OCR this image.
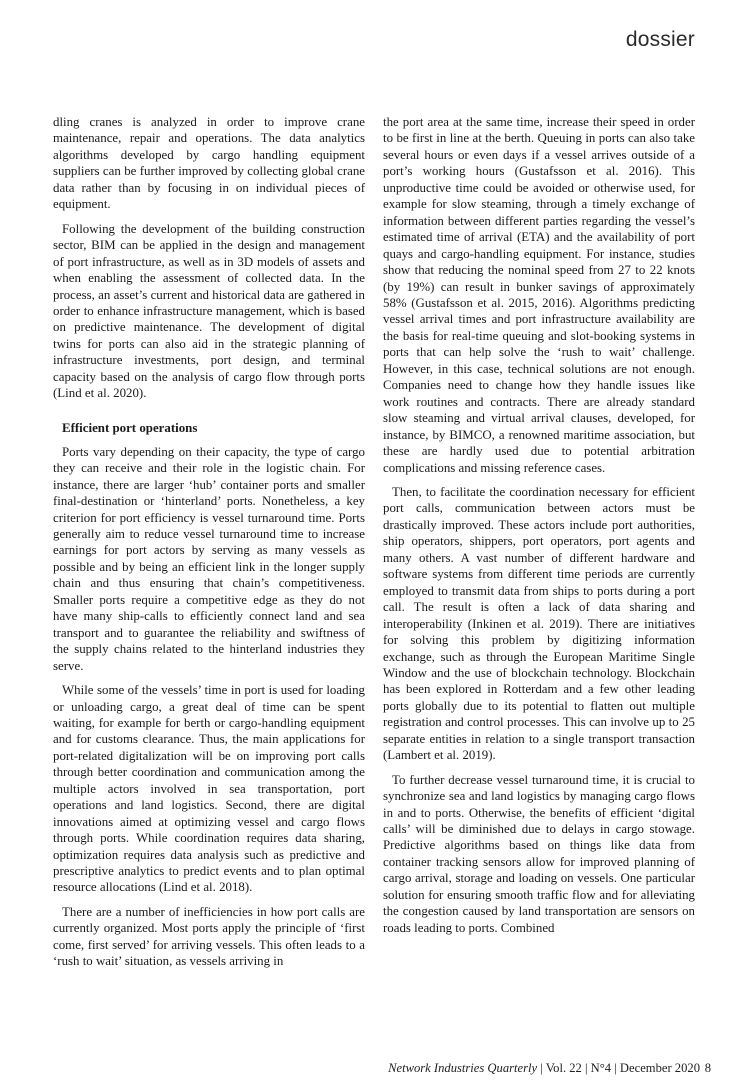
dossier

dling cranes is analyzed in order to improve crane maintenance, repair and operations. The data analytics algorithms developed by cargo handling equipment suppliers can be further improved by collecting global crane data rather than by focusing in on individual pieces of equipment.

Following the development of the building construction sector, BIM can be applied in the design and management of port infrastructure, as well as in 3D models of assets and when enabling the assessment of collected data. In the process, an asset’s current and historical data are gathered in order to enhance infrastructure management, which is based on predictive maintenance. The development of digital twins for ports can also aid in the strategic planning of infrastructure investments, port design, and terminal capacity based on the analysis of cargo flow through ports (Lind et al. 2020).

Efficient port operations

Ports vary depending on their capacity, the type of cargo they can receive and their role in the logistic chain. For instance, there are larger ‘hub’ container ports and smaller final-destination or ‘hinterland’ ports. Nonetheless, a key criterion for port efficiency is vessel turnaround time. Ports generally aim to reduce vessel turnaround time to increase earnings for port actors by serving as many vessels as possible and by being an efficient link in the longer supply chain and thus ensuring that chain’s competitiveness. Smaller ports require a competitive edge as they do not have many ship-calls to efficiently connect land and sea transport and to guarantee the reliability and swiftness of the supply chains related to the hinterland industries they serve.

While some of the vessels’ time in port is used for loading or unloading cargo, a great deal of time can be spent waiting, for example for berth or cargo-handling equipment and for customs clearance. Thus, the main applications for port-related digitalization will be on improving port calls through better coordination and communication among the multiple actors involved in sea transportation, port operations and land logistics. Second, there are digital innovations aimed at optimizing vessel and cargo flows through ports. While coordination requires data sharing, optimization requires data analysis such as predictive and prescriptive analytics to predict events and to plan optimal resource allocations (Lind et al. 2018).

There are a number of inefficiencies in how port calls are currently organized. Most ports apply the principle of ‘first come, first served’ for arriving vessels. This often leads to a ‘rush to wait’ situation, as vessels arriving in

the port area at the same time, increase their speed in order to be first in line at the berth. Queuing in ports can also take several hours or even days if a vessel arrives outside of a port’s working hours (Gustafsson et al. 2016). This unproductive time could be avoided or otherwise used, for example for slow steaming, through a timely exchange of information between different parties regarding the vessel’s estimated time of arrival (ETA) and the availability of port quays and cargo-handling equipment. For instance, studies show that reducing the nominal speed from 27 to 22 knots (by 19%) can result in bunker savings of approximately 58% (Gustafsson et al. 2015, 2016). Algorithms predicting vessel arrival times and port infrastructure availability are the basis for real-time queuing and slot-booking systems in ports that can help solve the ‘rush to wait’ challenge. However, in this case, technical solutions are not enough. Companies need to change how they handle issues like work routines and contracts. There are already standard slow steaming and virtual arrival clauses, developed, for instance, by BIMCO, a renowned maritime association, but these are hardly used due to potential arbitration complications and missing reference cases.

Then, to facilitate the coordination necessary for efficient port calls, communication between actors must be drastically improved. These actors include port authorities, ship operators, shippers, port operators, port agents and many others. A vast number of different hardware and software systems from different time periods are currently employed to transmit data from ships to ports during a port call. The result is often a lack of data sharing and interoperability (Inkinen et al. 2019). There are initiatives for solving this problem by digitizing information exchange, such as through the European Maritime Single Window and the use of blockchain technology. Blockchain has been explored in Rotterdam and a few other leading ports globally due to its potential to flatten out multiple registration and control processes. This can involve up to 25 separate entities in relation to a single transport transaction (Lambert et al. 2019).

To further decrease vessel turnaround time, it is crucial to synchronize sea and land logistics by managing cargo flows in and to ports. Otherwise, the benefits of efficient ‘digital calls’ will be diminished due to delays in cargo stowage. Predictive algorithms based on things like data from container tracking sensors allow for improved planning of cargo arrival, storage and loading on vessels. One particular solution for ensuring smooth traffic flow and for alleviating the congestion caused by land transportation are sensors on roads leading to ports. Combined

Network Industries Quarterly | Vol. 22 | N°4 | December 2020 8
